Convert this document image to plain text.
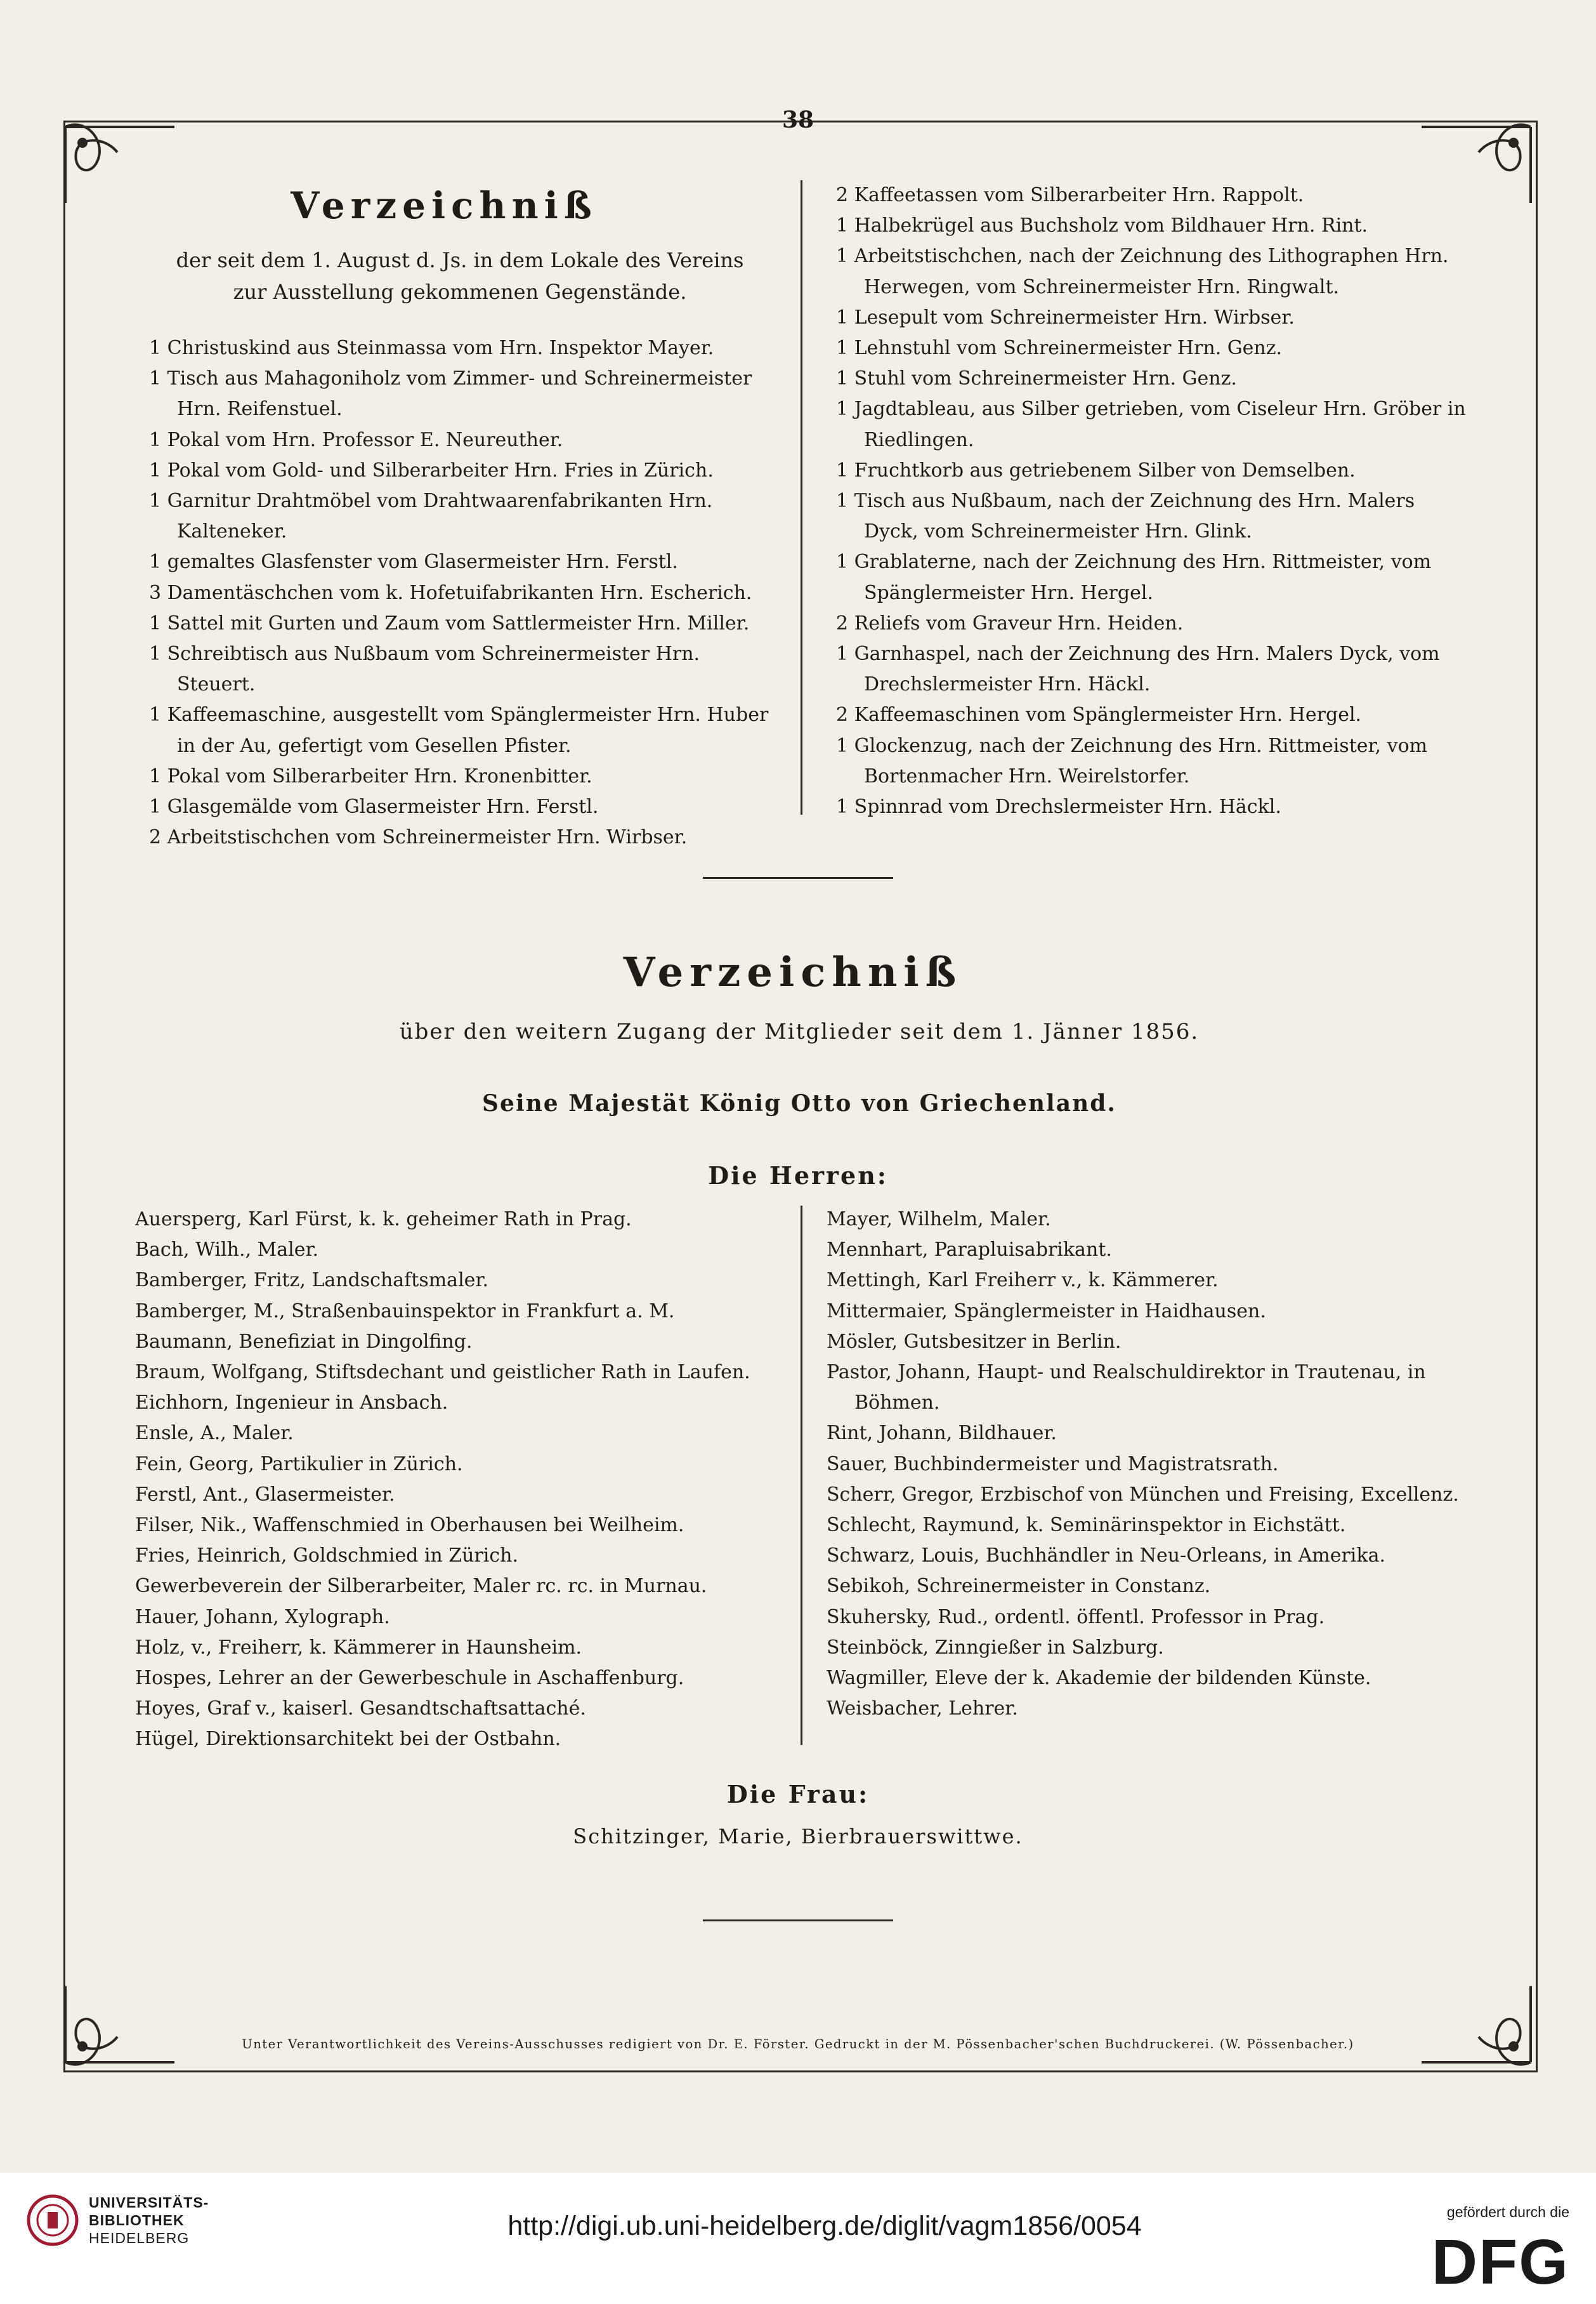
38
Verzeichniß
der seit dem 1. August d. Js. in dem Lokale des Vereins
zur Ausstellung gekommenen Gegenstände.

1 Christuskind aus Steinmassa vom Hrn. Inspektor Mayer.

1 Tisch aus Mahagoniholz vom Zimmer- und Schreinermeister Hrn. Reifenstuel.

1 Pokal vom Hrn. Professor E. Neureuther.

1 Pokal vom Gold- und Silberarbeiter Hrn. Fries in Zürich.

1 Garnitur Drahtmöbel vom Drahtwaarenfabrikanten Hrn. Kalteneker.

1 gemaltes Glasfenster vom Glasermeister Hrn. Ferstl.

3 Damentäschchen vom k. Hofetuifabrikanten Hrn. Escherich.

1 Sattel mit Gurten und Zaum vom Sattlermeister Hrn. Miller.

1 Schreibtisch aus Nußbaum vom Schreinermeister Hrn. Steuert.

1 Kaffeemaschine, ausgestellt vom Spänglermeister Hrn. Huber in der Au, gefertigt vom Gesellen Pfister.

1 Pokal vom Silberarbeiter Hrn. Kronenbitter.

1 Glasgemälde vom Glasermeister Hrn. Ferstl.

2 Arbeitstischchen vom Schreinermeister Hrn. Wirbser.

2 Kaffeetassen vom Silberarbeiter Hrn. Rappolt.

1 Halbekrügel aus Buchsholz vom Bildhauer Hrn. Rint.

1 Arbeitstischchen, nach der Zeichnung des Lithographen Hrn. Herwegen, vom Schreinermeister Hrn. Ringwalt.

1 Lesepult vom Schreinermeister Hrn. Wirbser.

1 Lehnstuhl vom Schreinermeister Hrn. Genz.

1 Stuhl vom Schreinermeister Hrn. Genz.

1 Jagdtableau, aus Silber getrieben, vom Ciseleur Hrn. Gröber in Riedlingen.

1 Fruchtkorb aus getriebenem Silber von Demselben.

1 Tisch aus Nußbaum, nach der Zeichnung des Hrn. Malers Dyck, vom Schreinermeister Hrn. Glink.

1 Grablaterne, nach der Zeichnung des Hrn. Rittmeister, vom Spänglermeister Hrn. Hergel.

2 Reliefs vom Graveur Hrn. Heiden.

1 Garnhaspel, nach der Zeichnung des Hrn. Malers Dyck, vom Drechslermeister Hrn. Häckl.

2 Kaffeemaschinen vom Spänglermeister Hrn. Hergel.

1 Glockenzug, nach der Zeichnung des Hrn. Rittmeister, vom Bortenmacher Hrn. Weirelstorfer.

1 Spinnrad vom Drechslermeister Hrn. Häckl.

Verzeichniß
über den weitern Zugang der Mitglieder seit dem 1. Jänner 1856.
Seine Majestät König Otto von Griechenland.
Die Herren:

Auersperg, Karl Fürst, k. k. geheimer Rath in Prag.

Bach, Wilh., Maler.

Bamberger, Fritz, Landschaftsmaler.

Bamberger, M., Straßenbauinspektor in Frankfurt a. M.

Baumann, Benefiziat in Dingolfing.

Braum, Wolfgang, Stiftsdechant und geistlicher Rath in Laufen.

Eichhorn, Ingenieur in Ansbach.

Ensle, A., Maler.

Fein, Georg, Partikulier in Zürich.

Ferstl, Ant., Glasermeister.

Filser, Nik., Waffenschmied in Oberhausen bei Weilheim.

Fries, Heinrich, Goldschmied in Zürich.

Gewerbeverein der Silberarbeiter, Maler rc. rc. in Murnau.

Hauer, Johann, Xylograph.

Holz, v., Freiherr, k. Kämmerer in Haunsheim.

Hospes, Lehrer an der Gewerbeschule in Aschaffenburg.

Hoyes, Graf v., kaiserl. Gesandtschaftsattaché.

Hügel, Direktionsarchitekt bei der Ostbahn.

Mayer, Wilhelm, Maler.

Mennhart, Parapluisabrikant.

Mettingh, Karl Freiherr v., k. Kämmerer.

Mittermaier, Spänglermeister in Haidhausen.

Mösler, Gutsbesitzer in Berlin.

Pastor, Johann, Haupt- und Realschuldirektor in Trautenau, in Böhmen.

Rint, Johann, Bildhauer.

Sauer, Buchbindermeister und Magistratsrath.

Scherr, Gregor, Erzbischof von München und Freising, Excellenz.

Schlecht, Raymund, k. Seminärinspektor in Eichstätt.

Schwarz, Louis, Buchhändler in Neu-Orleans, in Amerika.

Sebikoh, Schreinermeister in Constanz.

Skuhersky, Rud., ordentl. öffentl. Professor in Prag.

Steinböck, Zinngießer in Salzburg.

Wagmiller, Eleve der k. Akademie der bildenden Künste.

Weisbacher, Lehrer.

Die Frau:
Schitzinger, Marie, Bierbrauerswittwe.
Unter Verantwortlichkeit des Vereins-Ausschusses redigiert von Dr. E. Förster. Gedruckt in der M. Pössenbacher'schen Buchdruckerei. (W. Pössenbacher.)
UNIVERSITÄTS-
BIBLIOTHEK
HEIDELBERG	http://digi.ub.uni-heidelberg.de/diglit/vagm1856/0054	gefördert durch die
DFG
